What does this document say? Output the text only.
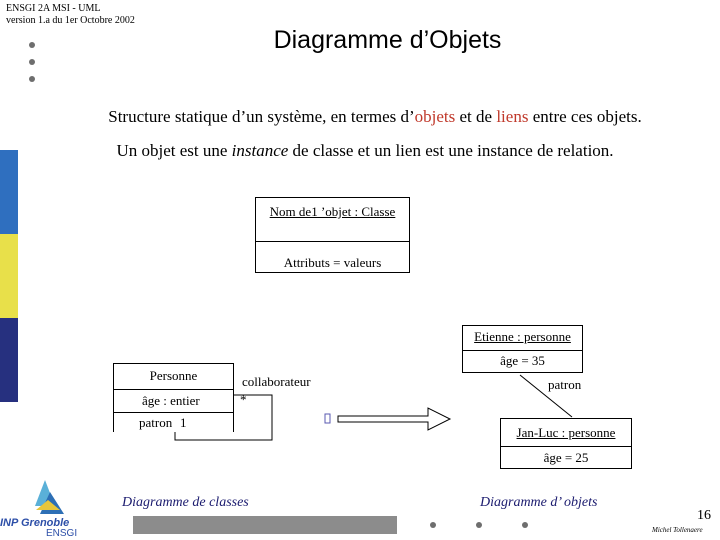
ENSGI 2A MSI - UML
version 1.a du 1er Octobre 2002
Diagramme d’Objets
Structure statique d’un système, en termes d’objets et de liens entre ces objets.
Un objet est une instance de classe et un lien est une instance de relation.
Nom de1 ’objet : Classe
Attributs = valeurs
Personne
âge : entier
collaborateur
*
patron 1
Etienne : personne
âge = 35
patron
Jan-Luc : personne
âge = 25
Diagramme de classes	Diagramme d’ objets
16
Michel Tollenaere
INP Grenoble
ENSGI
